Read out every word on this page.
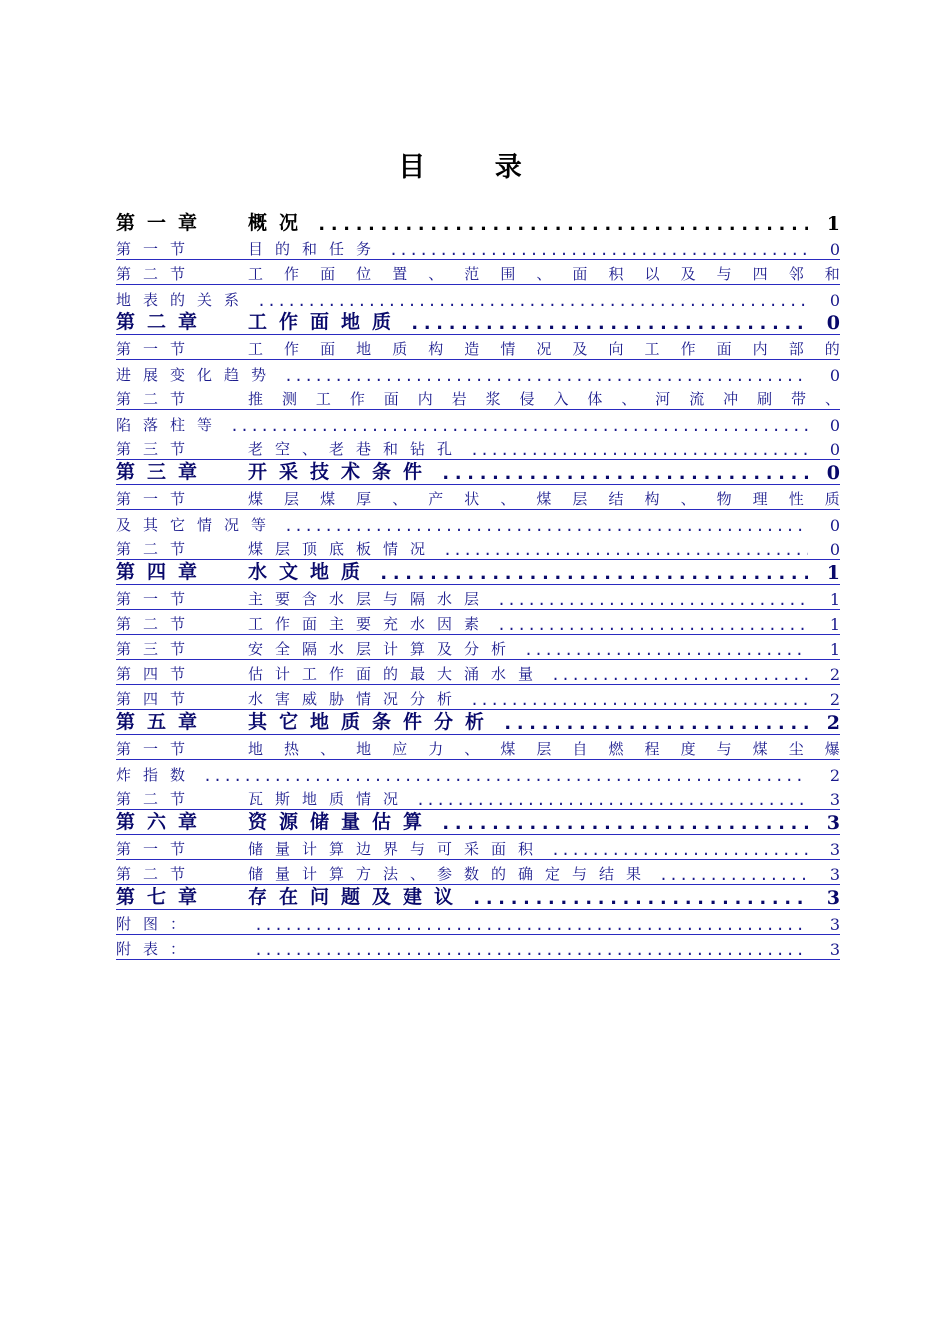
目 录
第一章	概况 .....	1
第一节	目的和任务 .....	0
第二节	工 作 面 位 置 、 范 围 、 面 积 以 及 与 四 邻 和
地表的关系 .....	0
第二章	工作面地质 .....	0
第一节	工 作 面 地 质 构 造 情 况 及 向 工 作 面 内 部 的
进展变化趋势 .....	0
第二节	推 测 工 作 面 内 岩 浆 侵 入 体 、 河 流 冲 刷 带 、
陷落柱等 .....	0
第三节	老空、老巷和钻孔 .....	0
第三章	开采技术条件 .....	0
第一节	煤 层 煤 厚 、 产 状 、 煤 层 结 构 、 物 理 性 质
及其它情况等 .....	0
第二节	煤层顶底板情况 .....	0
第四章	水文地质 .....	1
第一节	主要含水层与隔水层 .....	1
第二节	工作面主要充水因素 .....	1
第三节	安全隔水层计算及分析 .....	1
第四节	估计工作面的最大涌水量 .....	2
第四节	水害威胁情况分析 .....	2
第五章	其它地质条件分析 .....	2
第一节	地 热 、 地 应 力 、 煤 层 自 燃 程 度 与 煤 尘 爆
炸指数 .....	2
第二节	瓦斯地质情况 .....	3
第六章	资源储量估算 .....	3
第一节	储量计算边界与可采面积 .....	3
第二节	储量计算方法、参数的确定与结果 .....	3
第七章	存在问题及建议 .....	3
附图： .....	3
附表： .....	3
